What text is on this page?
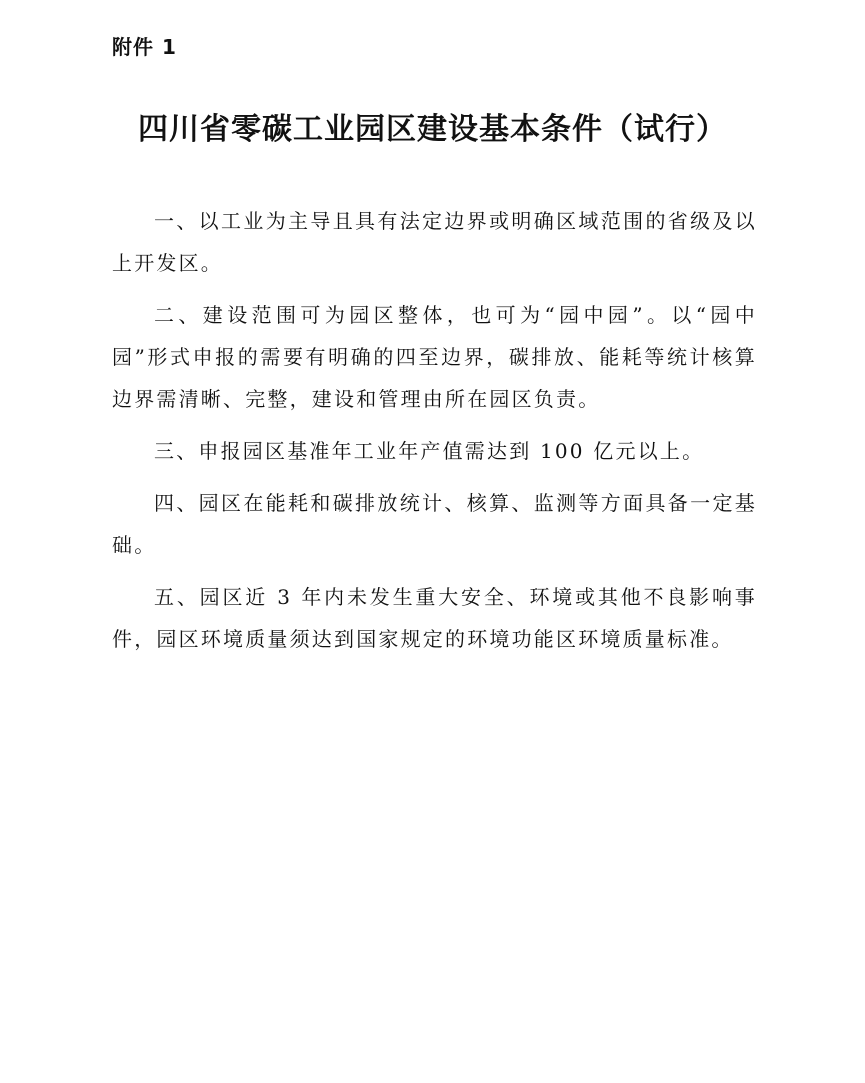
附件 1
四川省零碳工业园区建设基本条件（试行）

一、以工业为主导且具有法定边界或明确区域范围的省级及以上开发区。

二、建设范围可为园区整体，也可为“园中园”。以“园中园”形式申报的需要有明确的四至边界，碳排放、能耗等统计核算边界需清晰、完整，建设和管理由所在园区负责。

三、申报园区基准年工业年产值需达到 100 亿元以上。

四、园区在能耗和碳排放统计、核算、监测等方面具备一定基础。

五、园区近 3 年内未发生重大安全、环境或其他不良影响事件，园区环境质量须达到国家规定的环境功能区环境质量标准。
